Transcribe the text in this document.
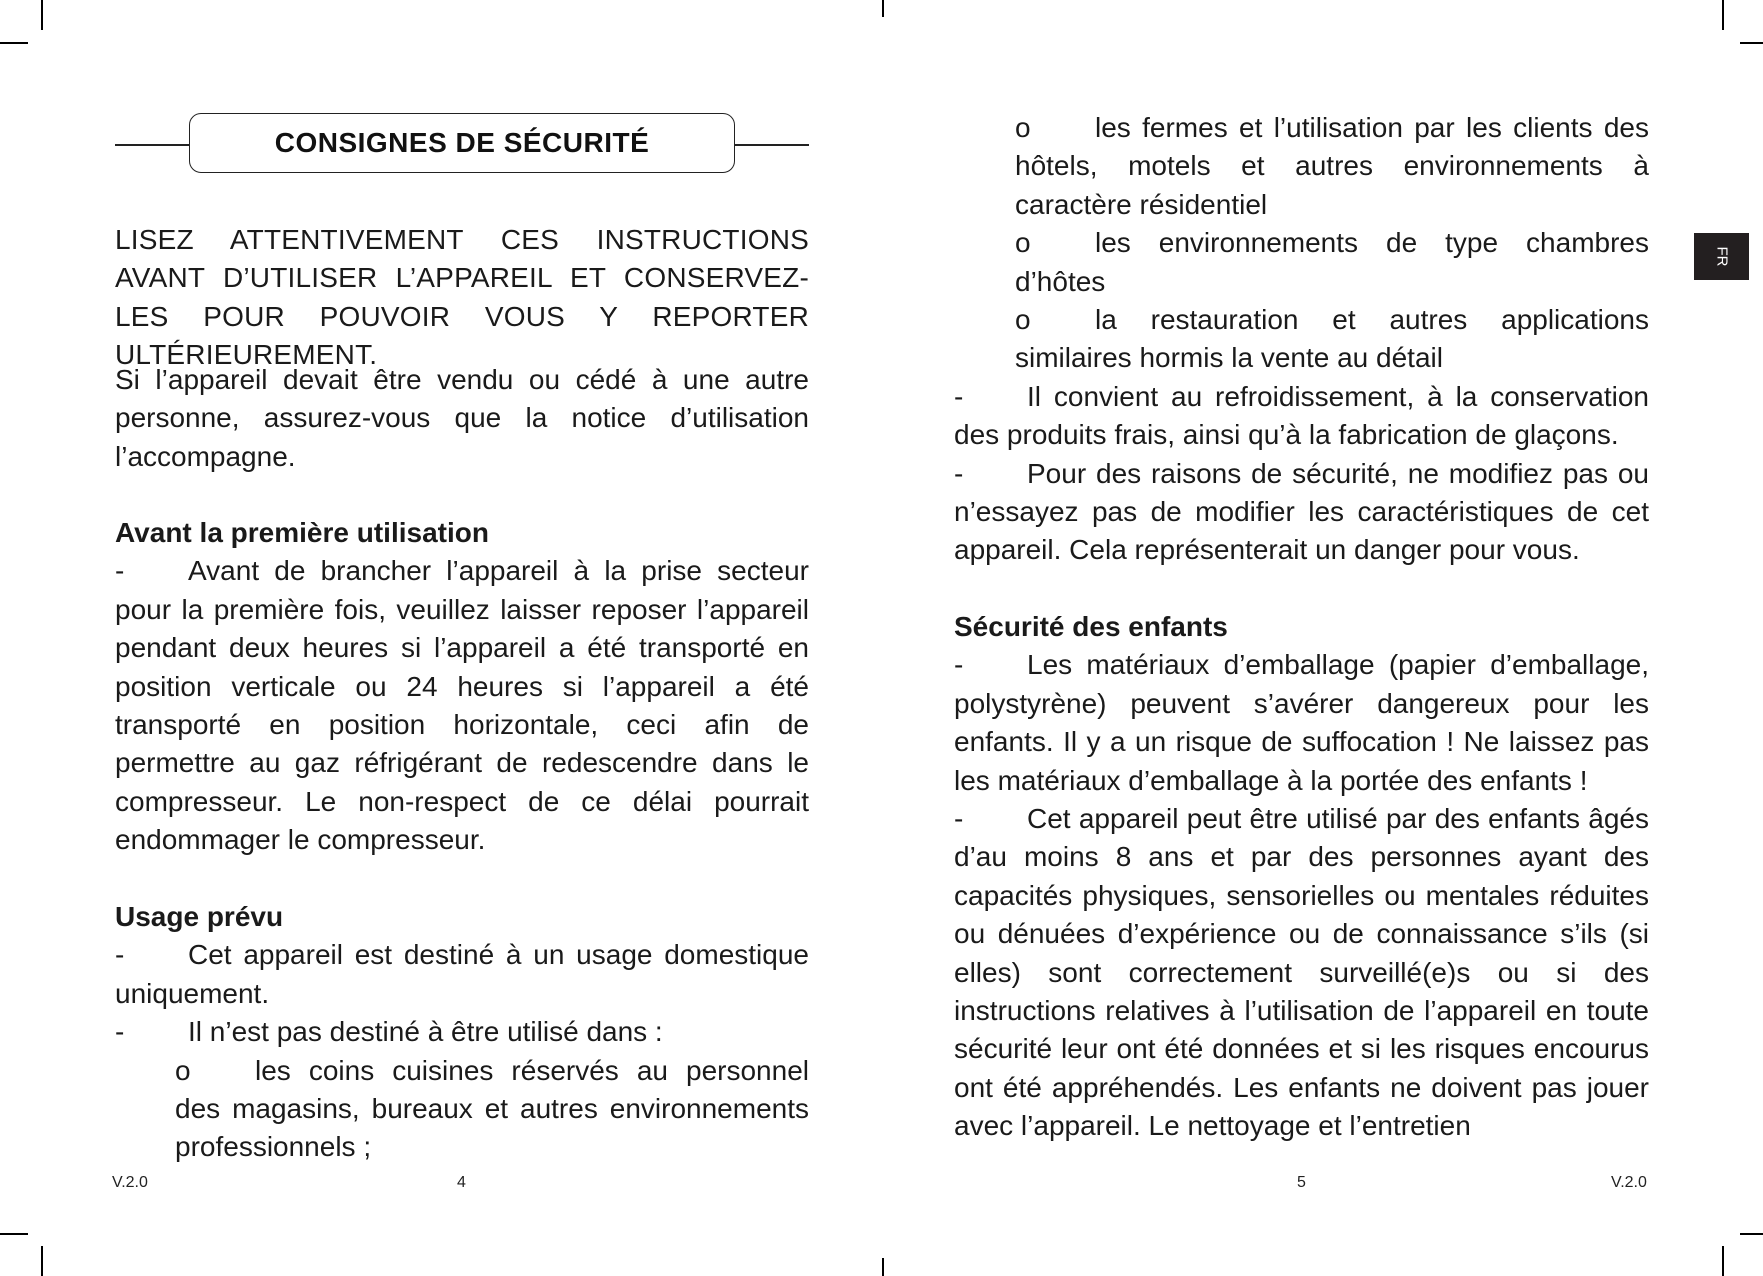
CONSIGNES DE SÉCURITÉ

LISEZ ATTENTIVEMENT CES INSTRUCTIONS AVANT D’UTILISER L’APPAREIL ET CONSERVEZ-LES POUR POUVOIR VOUS Y REPORTER ULTÉRIEUREMENT.

Si l’appareil devait être vendu ou cédé à une autre personne, assurez-vous que la notice d’utilisation l’accompagne.

Avant la première utilisation

- Avant de brancher l’appareil à la prise secteur pour la première fois, veuillez laisser reposer l’appareil pendant deux heures si l’appareil a été transporté en position verticale ou 24 heures si l’appareil a été transporté en position horizontale, ceci afin de permettre au gaz réfrigérant de redescendre dans le compresseur. Le non-respect de ce délai pourrait endommager le compresseur.

Usage prévu

- Cet appareil est destiné à un usage domestique uniquement.

- Il n’est pas destiné à être utilisé dans :

o les coins cuisines réservés au personnel des magasins, bureaux et autres environnements professionnels ;

V.2.0	4

o les fermes et l’utilisation par les clients des hôtels, motels et autres environnements à caractère résidentiel

o les environnements de type chambres d’hôtes

o la restauration et autres applications similaires hormis la vente au détail

- Il convient au refroidissement, à la conservation des produits frais, ainsi qu’à la fabrication de glaçons.

- Pour des raisons de sécurité, ne modifiez pas ou n’essayez pas de modifier les caractéristiques de cet appareil. Cela représenterait un danger pour vous.

Sécurité des enfants

- Les matériaux d’emballage (papier d’emballage, polystyrène) peuvent s’avérer dangereux pour les enfants. Il y a un risque de suffocation ! Ne laissez pas les matériaux d’emballage à la portée des enfants !

- Cet appareil peut être utilisé par des enfants âgés d’au moins 8 ans et par des personnes ayant des capacités physiques, sensorielles ou mentales réduites ou dénuées d’expérience ou de connaissance s’ils (si elles) sont correctement surveillé(e)s ou si des instructions relatives à l’utilisation de l’appareil en toute sécurité leur ont été données et si les risques encourus ont été appréhendés. Les enfants ne doivent pas jouer avec l’appareil. Le nettoyage et l’entretien

5	V.2.0
FR
